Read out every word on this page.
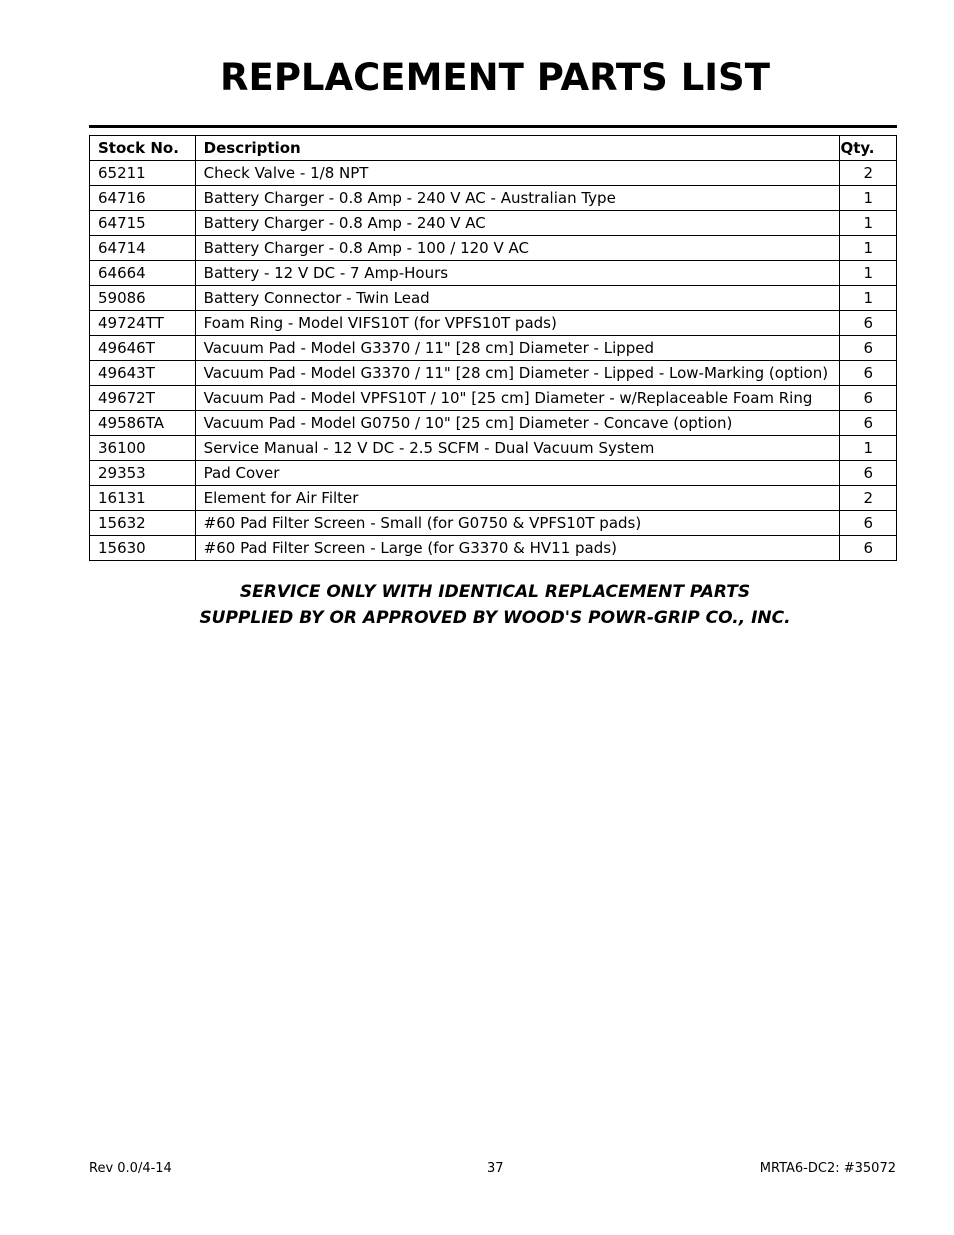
REPLACEMENT PARTS LIST
Stock No.	Description	Qty.
65211	Check Valve - 1/8 NPT	2
64716	Battery Charger - 0.8 Amp - 240 V AC - Australian Type	1
64715	Battery Charger - 0.8 Amp - 240 V AC	1
64714	Battery Charger - 0.8 Amp - 100 / 120 V AC	1
64664	Battery - 12 V DC - 7 Amp-Hours	1
59086	Battery Connector - Twin Lead	1
49724TT	Foam Ring - Model VIFS10T (for VPFS10T pads)	6
49646T	Vacuum Pad - Model G3370 / 11" [28 cm] Diameter - Lipped	6
49643T	Vacuum Pad - Model G3370 / 11" [28 cm] Diameter - Lipped - Low-Marking (option)	6
49672T	Vacuum Pad - Model VPFS10T / 10" [25 cm] Diameter - w/Replaceable Foam Ring	6
49586TA	Vacuum Pad - Model G0750 / 10" [25 cm] Diameter - Concave (option)	6
36100	Service Manual - 12 V DC - 2.5 SCFM - Dual Vacuum System	1
29353	Pad Cover	6
16131	Element for Air Filter	2
15632	#60 Pad Filter Screen - Small (for G0750 & VPFS10T pads)	6
15630	#60 Pad Filter Screen - Large (for G3370 & HV11 pads)	6
SERVICE ONLY WITH IDENTICAL REPLACEMENT PARTS
SUPPLIED BY OR APPROVED BY WOOD'S POWR-GRIP CO., INC.
Rev 0.0/4-14	37	MRTA6-DC2: #35072
